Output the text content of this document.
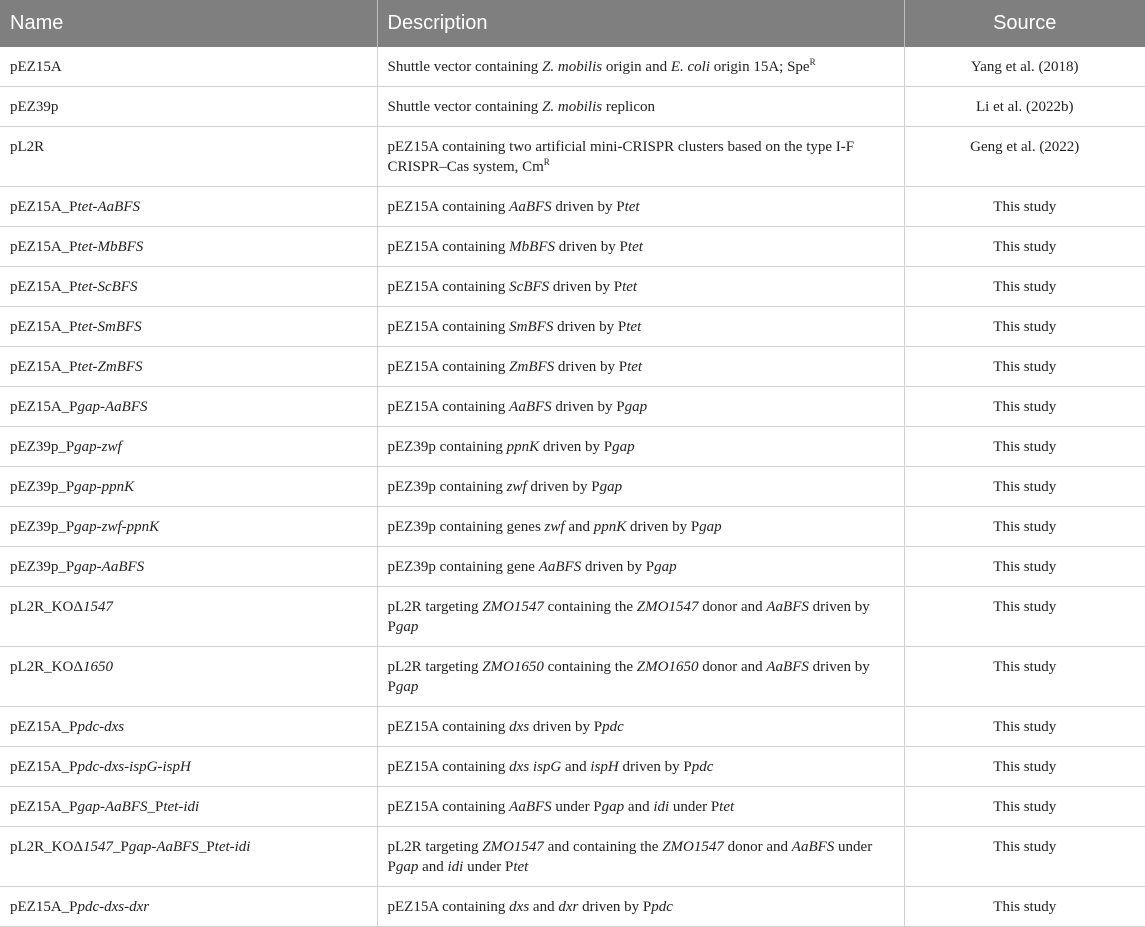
Name	Description	Source
pEZ15A	Shuttle vector containing Z. mobilis origin and E. coli origin 15A; Spe$^R$	Yang et al. (2018)
pEZ39p	Shuttle vector containing Z. mobilis replicon	Li et al. (2022b)
pL2R	pEZ15A containing two artificial mini-CRISPR clusters based on the type I-F CRISPR–Cas system, $Cm^R$	Geng et al. (2022)
pEZ15A_Ptet-AaBFS	pEZ15A containing AaBFS driven by Ptet	This study
pEZ15A_Ptet-MbBFS	pEZ15A containing MbBFS driven by Ptet	This study
pEZ15A_Ptet-ScBFS	pEZ15A containing ScBFS driven by Ptet	This study
pEZ15A_Ptet-SmBFS	pEZ15A containing SmBFS driven by Ptet	This study
pEZ15A_Ptet-ZmBFS	pEZ15A containing ZmBFS driven by Ptet	This study
pEZ15A_Pgap-AaBFS	pEZ15A containing AaBFS driven by Pgap	This study
pEZ39p_Pgap-zwf	pEZ39p containing ppnK driven by Pgap	This study
pEZ39p_Pgap-ppnK	pEZ39p containing zwf driven by Pgap	This study
pEZ39p_Pgap-zwf-ppnK	pEZ39p containing genes zwf and ppnK driven by Pgap	This study
pEZ39p_Pgap-AaBFS	pEZ39p containing gene AaBFS driven by Pgap	This study
pL2R_KOΔ1547	pL2R targeting ZMO1547 containing the ZMO1547 donor and AaBFS driven by Pgap	This study
pL2R_KOΔ1650	pL2R targeting ZMO1650 containing the ZMO1650 donor and AaBFS driven by Pgap	This study
pEZ15A_Ppdc-dxs	pEZ15A containing dxs driven by Ppdc	This study
pEZ15A_Ppdc-dxs-ispG-ispH	pEZ15A containing dxs ispG and ispH driven by Ppdc	This study
pEZ15A_Pgap-AaBFS_Ptet-idi	pEZ15A containing AaBFS under Pgap and idi under Ptet	This study
pL2R_KOΔ1547_Pgap-AaBFS_Ptet-idi	pL2R targeting ZMO1547 and containing the ZMO1547 donor and AaBFS under Pgap and idi under Ptet	This study
pEZ15A_Ppdc-dxs-dxr	pEZ15A containing dxs and dxr driven by Ppdc	This study
